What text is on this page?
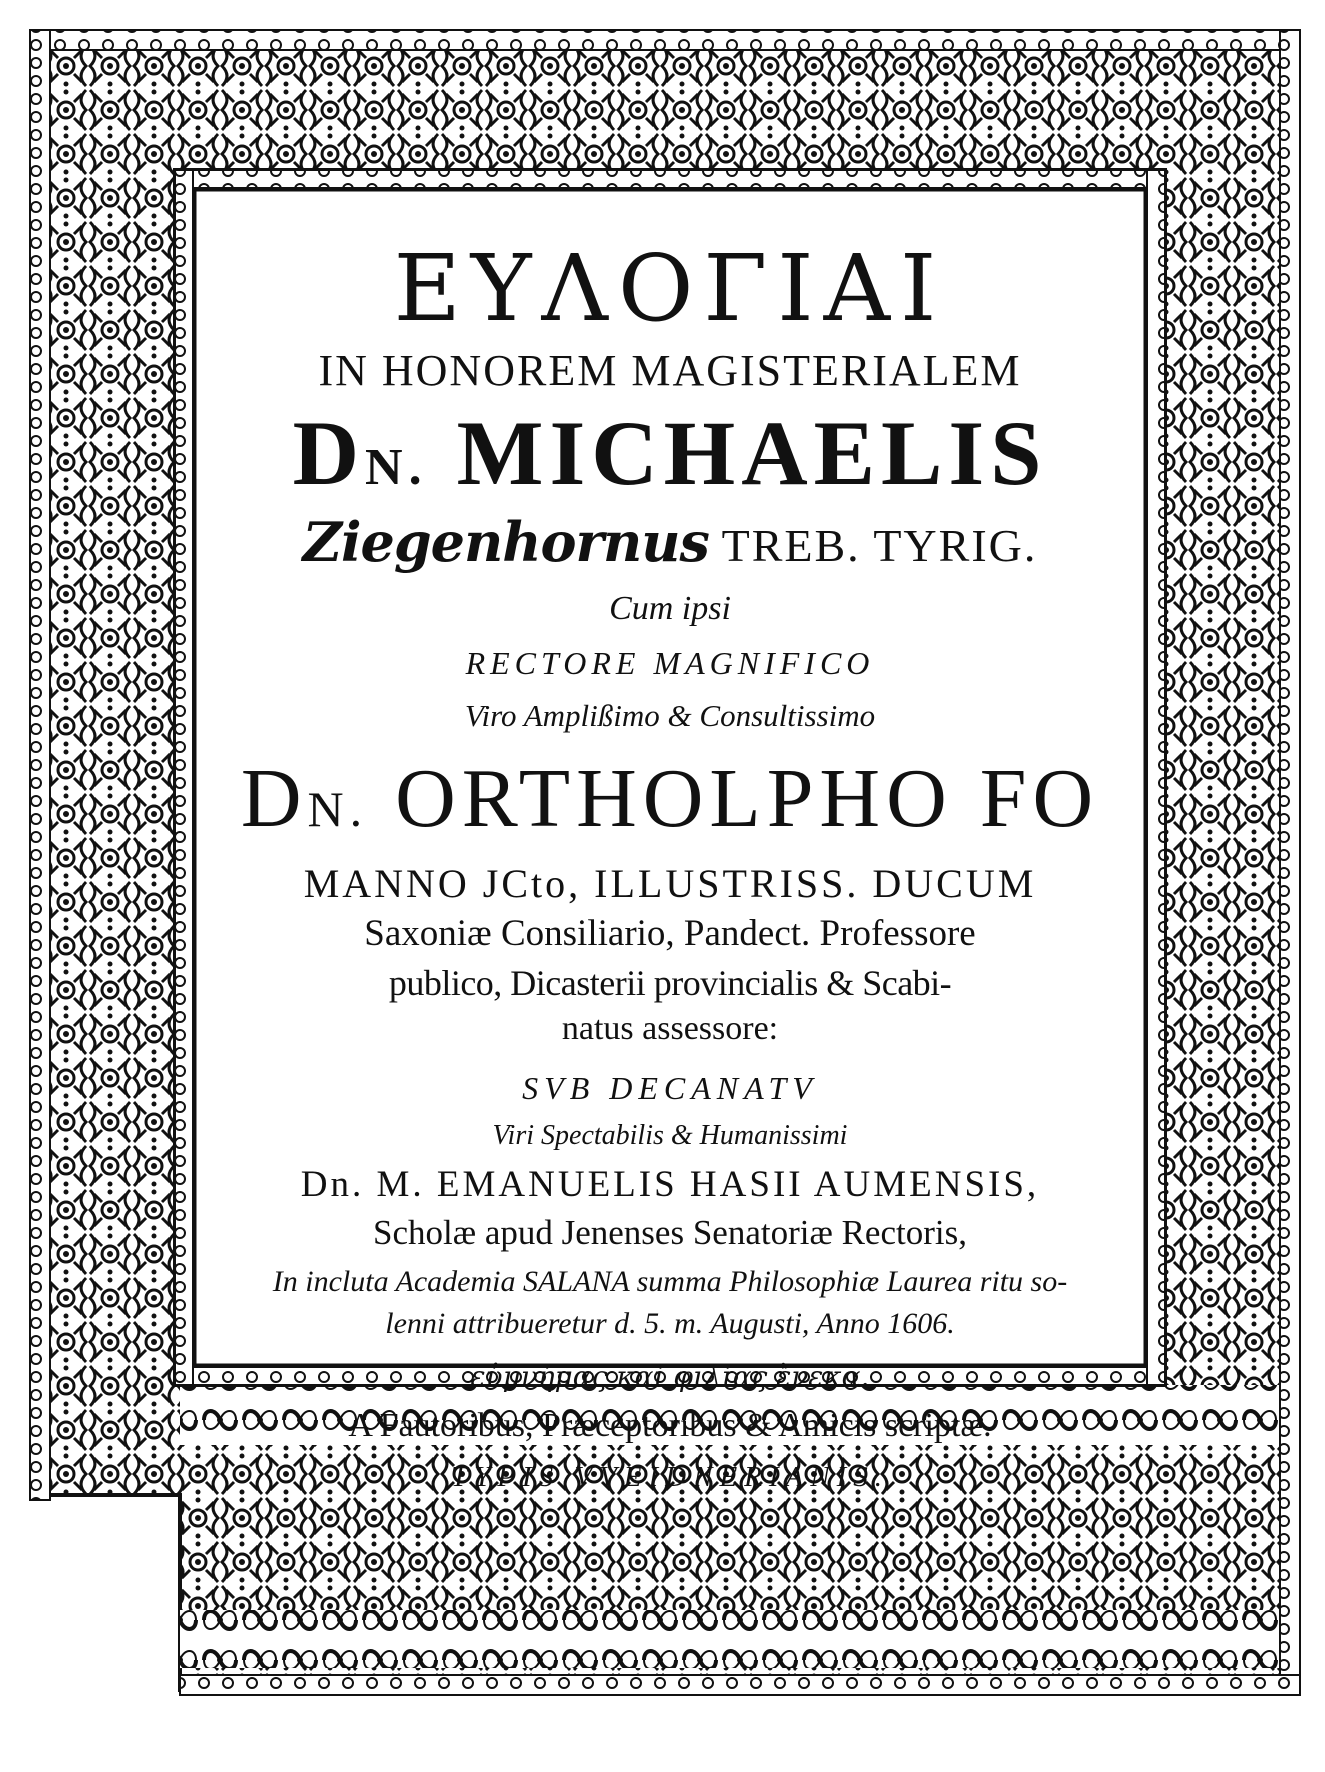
ΕΥΛΟΓΙΑΙ
IN HONOREM MAGISTERIALEM
DN. MICHAELIS
Ziegenhornus TREB. TYRIG.
Cum ipsi
RECTORE MAGNIFICO
Viro Amplißimo & Consultissimo
DN. ORTHOLPHO FO
MANNO JCto, ILLUSTRISS. DUCUM
Saxoniæ Consiliario, Pandect. Professore
publico, Dicasterii provincialis & Scabi-
natus assessore:
SVB DECANATV
Viri Spectabilis & Humanissimi
Dn. M. EMANUELIS HASII AUMENSIS,
Scholæ apud Jenenses Senatoriæ Rectoris,
In incluta Academia SALANA summa Philosophiæ Laurea ritu so-
lenni attribueretur d. 5. m. Augusti, Anno 1606.
εὐμνήμας καὶ φιλίας ἕνεκα.
A Fautoribus, Præceptoribus & Amicis scriptæ.
TYPIS VVEIDNERIANIS.
